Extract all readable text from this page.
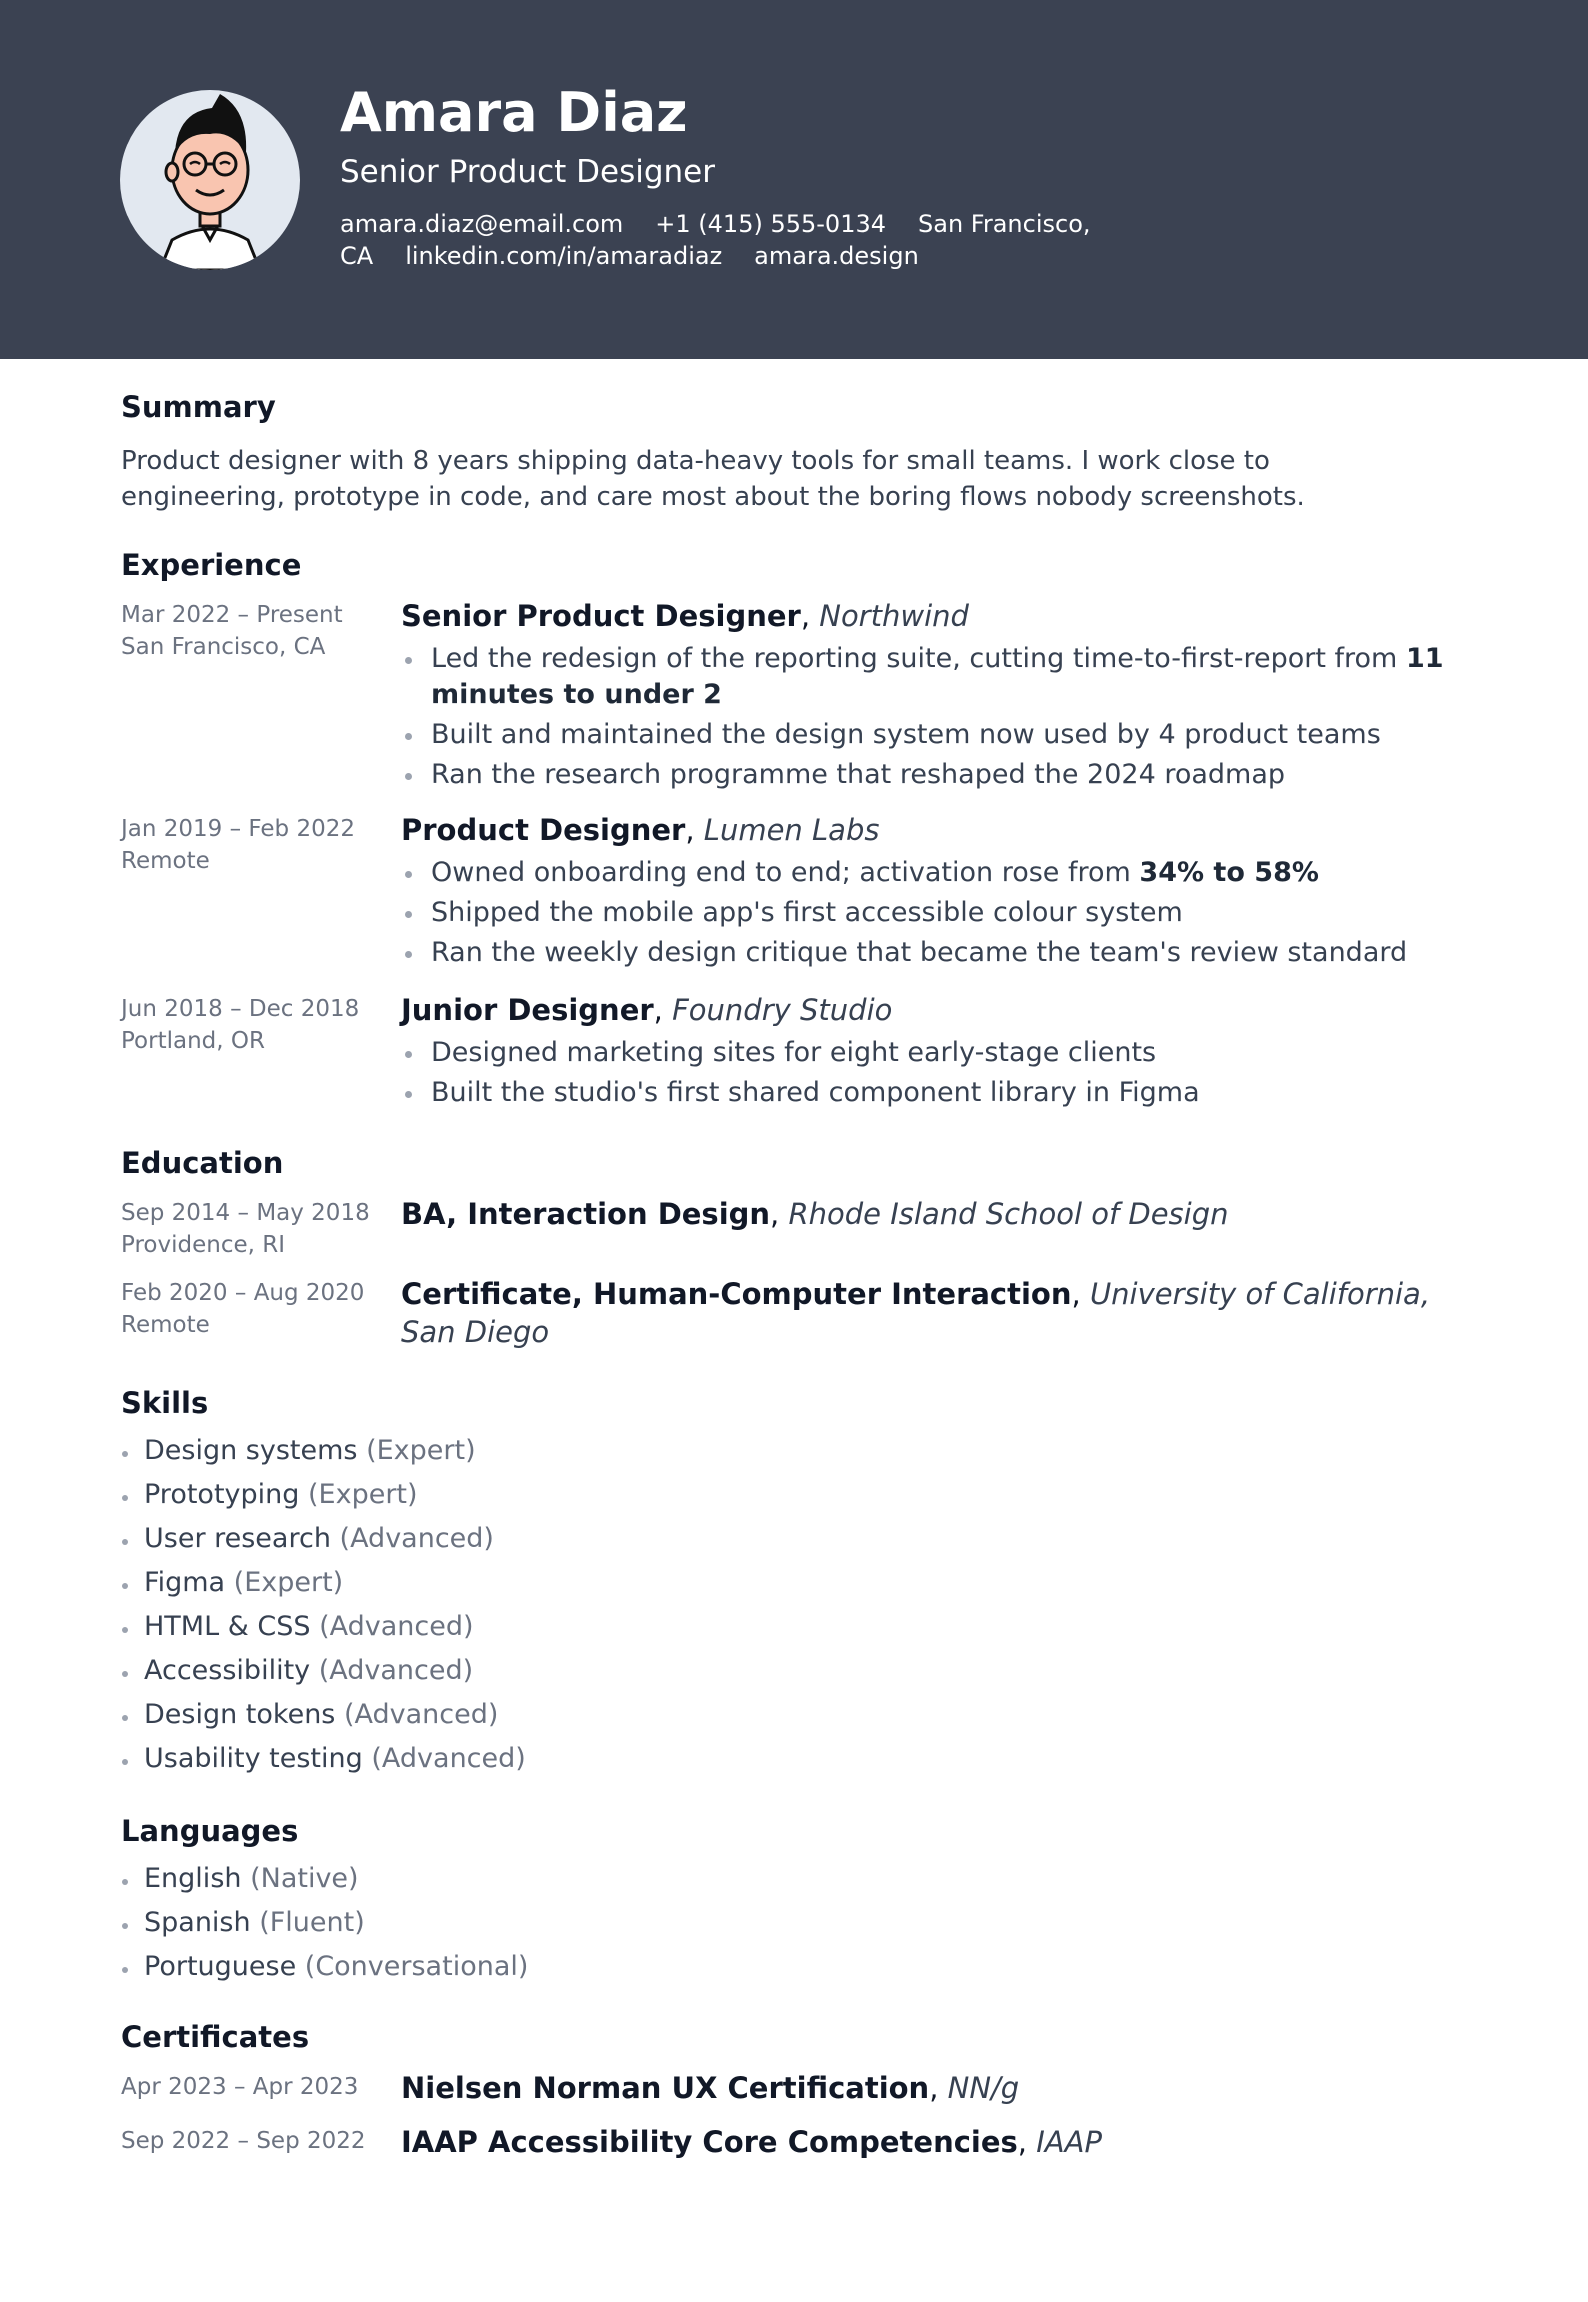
Amara Diaz
Senior Product Designer
amara.diaz@email.com +1 (415) 555-0134 San Francisco, CA linkedin.com/in/amaradiaz amara.design
Summary
Product designer with 8 years shipping data-heavy tools for small teams. I work close to engineering, prototype in code, and care most about the boring flows nobody screenshots.
Experience
Mar 2022 – Present
San Francisco, CA
Senior Product Designer, Northwind
Led the redesign of the reporting suite, cutting time-to-first-report from 11 minutes to under 2
Built and maintained the design system now used by 4 product teams
Ran the research programme that reshaped the 2024 roadmap
Jan 2019 – Feb 2022
Remote
Product Designer, Lumen Labs
Owned onboarding end to end; activation rose from 34% to 58%
Shipped the mobile app's first accessible colour system
Ran the weekly design critique that became the team's review standard
Jun 2018 – Dec 2018
Portland, OR
Junior Designer, Foundry Studio
Designed marketing sites for eight early-stage clients
Built the studio's first shared component library in Figma
Education
Sep 2014 – May 2018
Providence, RI
BA, Interaction Design, Rhode Island School of Design
Feb 2020 – Aug 2020
Remote
Certificate, Human-Computer Interaction, University of California, San Diego
Skills
Design systems (Expert)
Prototyping (Expert)
User research (Advanced)
Figma (Expert)
HTML & CSS (Advanced)
Accessibility (Advanced)
Design tokens (Advanced)
Usability testing (Advanced)
Languages
English (Native)
Spanish (Fluent)
Portuguese (Conversational)
Certificates
Apr 2023 – Apr 2023 Nielsen Norman UX Certification, NN/g
Sep 2022 – Sep 2022 IAAP Accessibility Core Competencies, IAAP
